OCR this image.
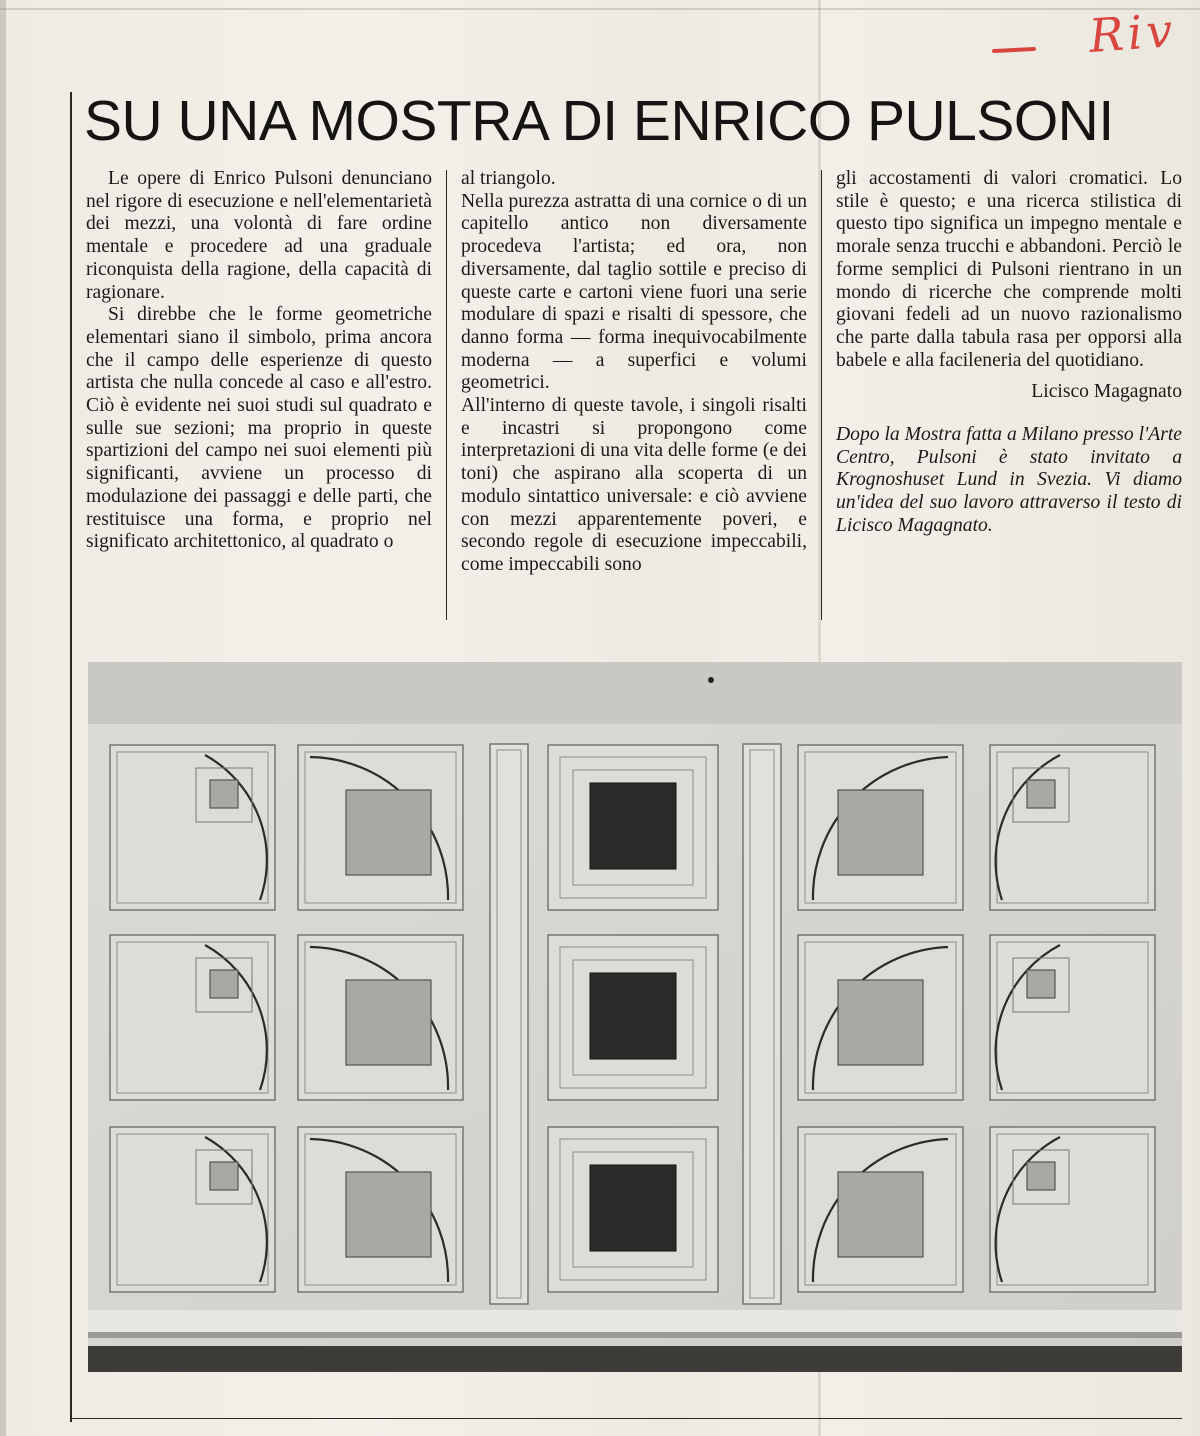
Riv
SU UNA MOSTRA DI ENRICO PULSONI

Le opere di Enrico Pulsoni denunciano nel rigore di esecuzione e nell'elementarietà dei mezzi, una volontà di fare ordine mentale e procedere ad una graduale riconquista della ragione, della capacità di ragionare.

Si direbbe che le forme geometriche elementari siano il simbolo, prima ancora che il campo delle esperienze di questo artista che nulla concede al caso e all'estro. Ciò è evidente nei suoi studi sul quadrato e sulle sue sezioni; ma proprio in queste spartizioni del campo nei suoi elementi più significanti, avviene un processo di modulazione dei passaggi e delle parti, che restituisce una forma, e proprio nel significato architettonico, al quadrato o

al triangolo.

Nella purezza astratta di una cornice o di un capitello antico non diversamente procedeva l'artista; ed ora, non diversamente, dal taglio sottile e preciso di queste carte e cartoni viene fuori una serie modulare di spazi e risalti di spessore, che danno forma — forma inequivocabilmente moderna — a superfici e volumi geometrici.

All'interno di queste tavole, i singoli risalti e incastri si propongono come interpretazioni di una vita delle forme (e dei toni) che aspirano alla scoperta di un modulo sintattico universale: e ciò avviene con mezzi apparentemente poveri, e secondo regole di esecuzione impeccabili, come impeccabili sono

gli accostamenti di valori cromatici. Lo stile è questo; e una ricerca stilistica di questo tipo significa un impegno mentale e morale senza trucchi e abbandoni. Perciò le forme semplici di Pulsoni rientrano in un mondo di ricerche che comprende molti giovani fedeli ad un nuovo razionalismo che parte dalla tabula rasa per opporsi alla babele e alla facileneria del quotidiano.

Licisco Magagnato

Dopo la Mostra fatta a Milano presso l'Arte Centro, Pulsoni è stato invitato a Krognoshuset Lund in Svezia. Vi diamo un'idea del suo lavoro attraverso il testo di Licisco Magagnato.
